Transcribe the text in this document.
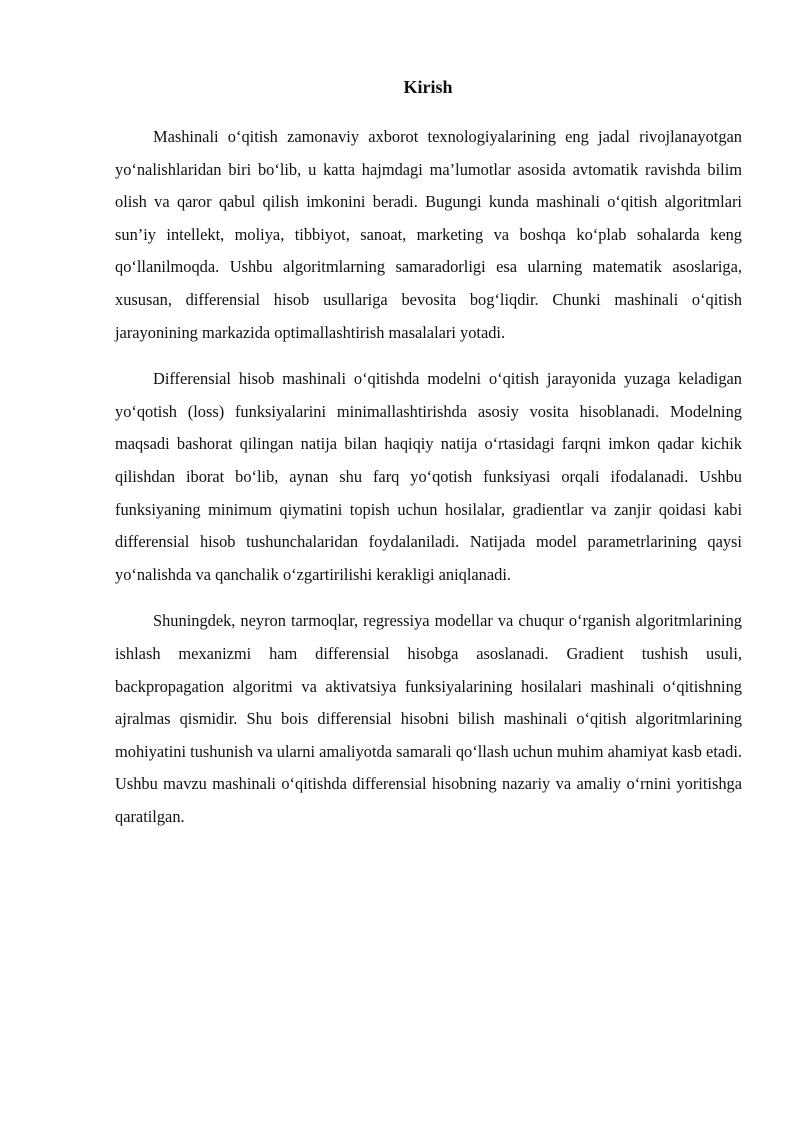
Kirish

Mashinali o‘qitish zamonaviy axborot texnologiyalarining eng jadal rivojlanayotgan yo‘nalishlaridan biri bo‘lib, u katta hajmdagi ma’lumotlar asosida avtomatik ravishda bilim olish va qaror qabul qilish imkonini beradi. Bugungi kunda mashinali o‘qitish algoritmlari sun’iy intellekt, moliya, tibbiyot, sanoat, marketing va boshqa ko‘plab sohalarda keng qo‘llanilmoqda. Ushbu algoritmlarning samaradorligi esa ularning matematik asoslariga, xususan, differensial hisob usullariga bevosita bog‘liqdir. Chunki mashinali o‘qitish jarayonining markazida optimallashtirish masalalari yotadi.

Differensial hisob mashinali o‘qitishda modelni o‘qitish jarayonida yuzaga keladigan yo‘qotish (loss) funksiyalarini minimallashtirishda asosiy vosita hisoblanadi. Modelning maqsadi bashorat qilingan natija bilan haqiqiy natija o‘rtasidagi farqni imkon qadar kichik qilishdan iborat bo‘lib, aynan shu farq yo‘qotish funksiyasi orqali ifodalanadi. Ushbu funksiyaning minimum qiymatini topish uchun hosilalar, gradientlar va zanjir qoidasi kabi differensial hisob tushunchalaridan foydalaniladi. Natijada model parametrlarining qaysi yo‘nalishda va qanchalik o‘zgartirilishi kerakligi aniqlanadi.

Shuningdek, neyron tarmoqlar, regressiya modellar va chuqur o‘rganish algoritmlarining ishlash mexanizmi ham differensial hisobga asoslanadi. Gradient tushish usuli, backpropagation algoritmi va aktivatsiya funksiyalarining hosilalari mashinali o‘qitishning ajralmas qismidir. Shu bois differensial hisobni bilish mashinali o‘qitish algoritmlarining mohiyatini tushunish va ularni amaliyotda samarali qo‘llash uchun muhim ahamiyat kasb etadi. Ushbu mavzu mashinali o‘qitishda differensial hisobning nazariy va amaliy o‘rnini yoritishga qaratilgan.
